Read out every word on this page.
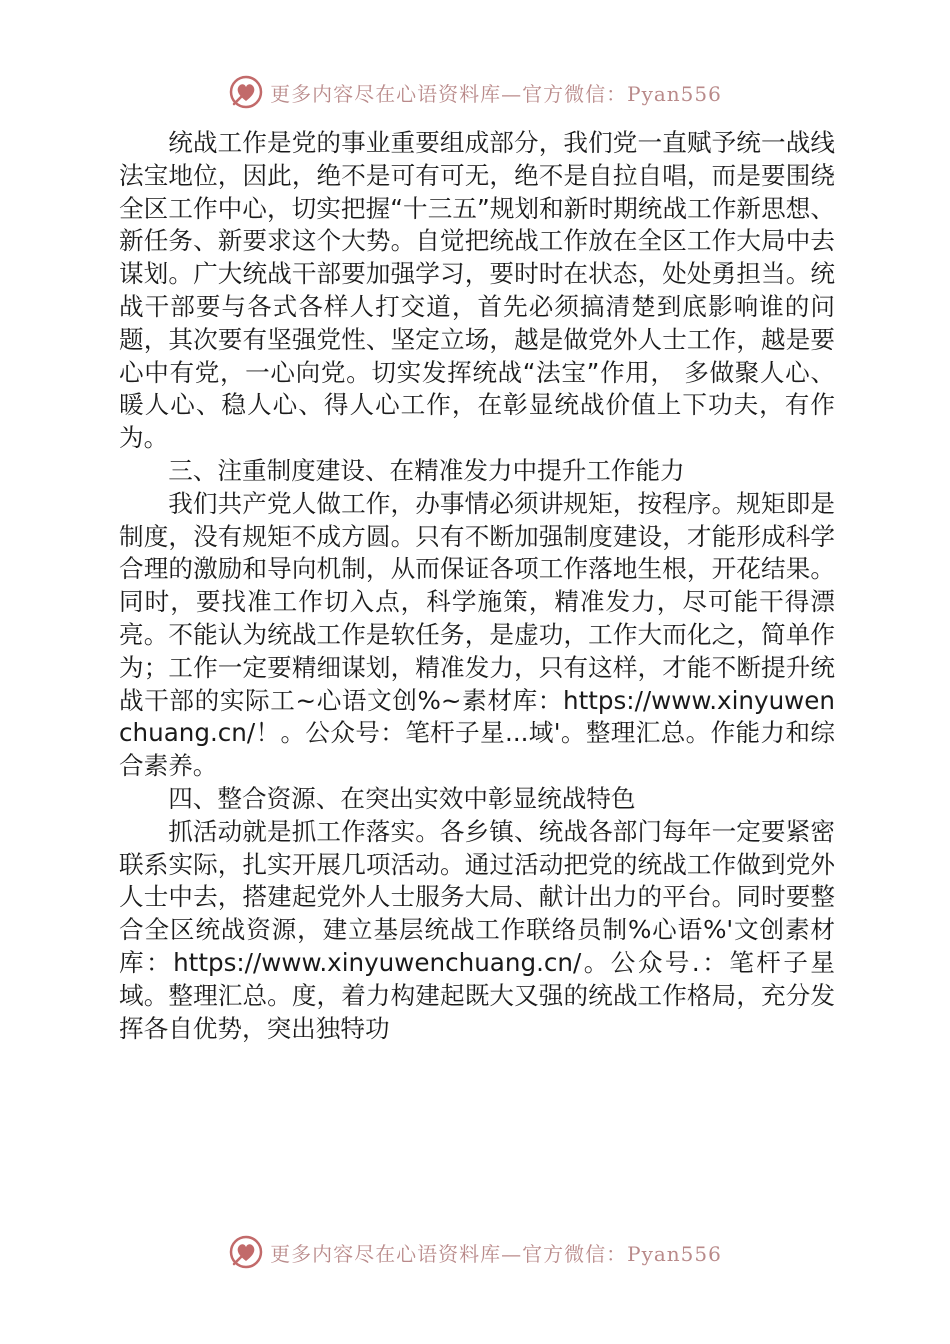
更多内容尽在心语资料库—官方微信：Pyan556

统战工作是党的事业重要组成部分，我们党一直赋予统一战线法宝地位，因此，绝不是可有可无，绝不是自拉自唱，而是要围绕全区工作中心，切实把握“十三五”规划和新时期统战工作新思想、新任务、新要求这个大势。自觉把统战工作放在全区工作大局中去谋划。广大统战干部要加强学习，要时时在状态，处处勇担当。统战干部要与各式各样人打交道，首先必须搞清楚到底影响谁的问题，其次要有坚强党性、坚定立场，越是做党外人士工作，越是要心中有党，一心向党。切实发挥统战“法宝”作用， 多做聚人心、暖人心、稳人心、得人心工作，在彰显统战价值上下功夫，有作为。

三、注重制度建设、在精准发力中提升工作能力

我们共产党人做工作，办事情必须讲规矩，按程序。规矩即是制度，没有规矩不成方圆。只有不断加强制度建设，才能形成科学合理的激励和导向机制，从而保证各项工作落地生根，开花结果。同时，要找准工作切入点，科学施策，精准发力，尽可能干得漂亮。不能认为统战工作是软任务，是虚功，工作大而化之，简单作为；工作一定要精细谋划，精准发力，只有这样，才能不断提升统战干部的实际工~心语文创%~素材库：https://www.xinyuwenchuang.cn/！。公众号：笔杆子星...域'。整理汇总。作能力和综合素养。

四、整合资源、在突出实效中彰显统战特色

抓活动就是抓工作落实。各乡镇、统战各部门每年一定要紧密联系实际，扎实开展几项活动。通过活动把党的统战工作做到党外人士中去，搭建起党外人士服务大局、献计出力的平台。同时要整合全区统战资源，建立基层统战工作联络员制%心语%'文创素材库：https://www.xinyuwenchuang.cn/。公众号.：笔杆子星域。整理汇总。度，着力构建起既大又强的统战工作格局，充分发挥各自优势，突出独特功

更多内容尽在心语资料库—官方微信：Pyan556
